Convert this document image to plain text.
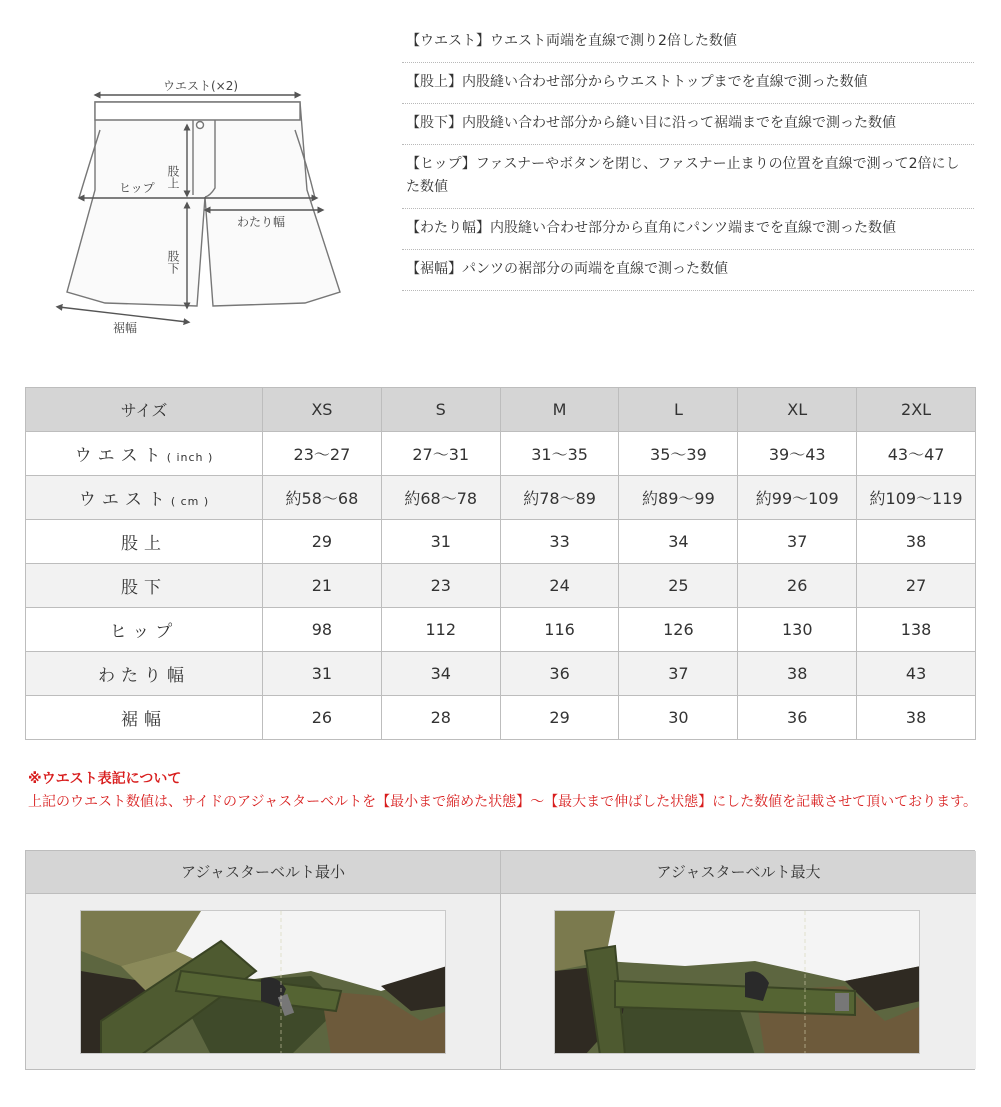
ウエスト(×2)
股上
ヒップ
わたり幅
股下
裾幅
【ウエスト】ウエスト両端を直線で測り2倍した数値
【股上】内股縫い合わせ部分からウエストトップまでを直線で測った数値
【股下】内股縫い合わせ部分から縫い目に沿って裾端までを直線で測った数値
【ヒップ】ファスナーやボタンを閉じ、ファスナー止まりの位置を直線で測って2倍にした数値
【わたり幅】内股縫い合わせ部分から直角にパンツ端までを直線で測った数値
【裾幅】パンツの裾部分の両端を直線で測った数値
サイズ	XS	S	M	L	XL	2XL
ウエスト( inch )	23～27	27～31	31～35	35～39	39～43	43～47
ウエスト( cm )	約58～68	約68～78	約78～89	約89～99	約99～109	約109～119
股上	29	31	33	34	37	38
股下	21	23	24	25	26	27
ヒップ	98	112	116	126	130	138
わたり幅	31	34	36	37	38	43
裾幅	26	28	29	30	36	38
※ウエスト表記について
上記のウエスト数値は、サイドのアジャスターベルトを【最小まで縮めた状態】～【最大まで伸ばした状態】にした数値を記載させて頂いております。
アジャスターベルト最小	アジャスターベルト最大
